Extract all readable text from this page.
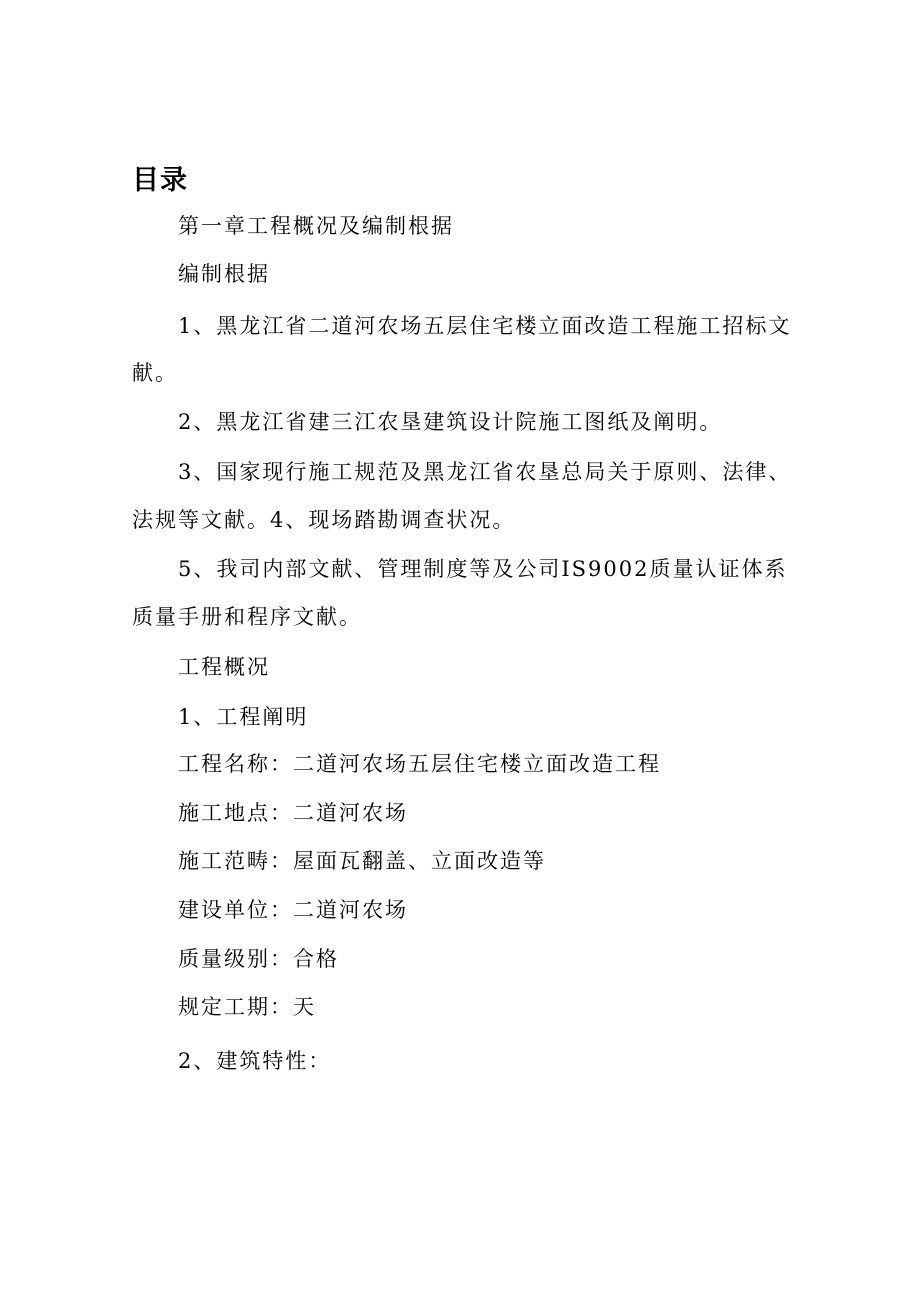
目录
第一章工程概况及编制根据
编制根据
1、黑龙江省二道河农场五层住宅楼立面改造工程施工招标文
献。
2、黑龙江省建三江农垦建筑设计院施工图纸及阐明。
3、国家现行施工规范及黑龙江省农垦总局关于原则、法律、
法规等文献。4、现场踏勘调查状况。
5、我司内部文献、管理制度等及公司IS9002质量认证体系
质量手册和程序文献。
工程概况
1、工程阐明
工程名称：二道河农场五层住宅楼立面改造工程
施工地点：二道河农场
施工范畴：屋面瓦翻盖、立面改造等
建设单位：二道河农场
质量级别：合格
规定工期：天
2、建筑特性：
